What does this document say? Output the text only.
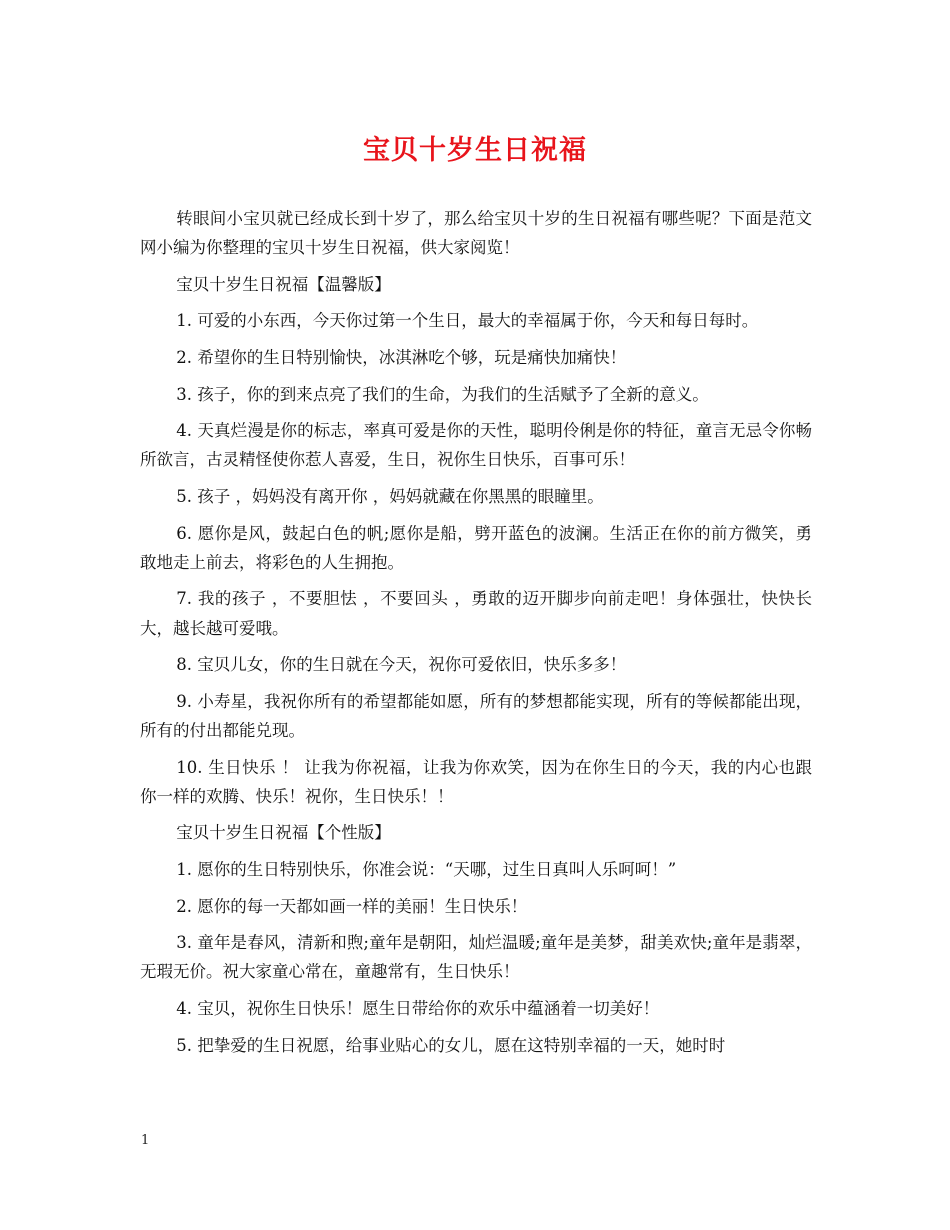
宝贝十岁生日祝福

转眼间小宝贝就已经成长到十岁了，那么给宝贝十岁的生日祝福有哪些呢？下面是范文网小编为你整理的宝贝十岁生日祝福，供大家阅览！

宝贝十岁生日祝福【温馨版】

1. 可爱的小东西，今天你过第一个生日，最大的幸福属于你，今天和每日每时。

2. 希望你的生日特别愉快，冰淇淋吃个够，玩是痛快加痛快！

3. 孩子，你的到来点亮了我们的生命，为我们的生活赋予了全新的意义。

4. 天真烂漫是你的标志，率真可爱是你的天性，聪明伶俐是你的特征，童言无忌令你畅所欲言，古灵精怪使你惹人喜爱，生日，祝你生日快乐，百事可乐！

5. 孩子 ，妈妈没有离开你 ，妈妈就藏在你黑黑的眼瞳里。

6. 愿你是风，鼓起白色的帆;愿你是船，劈开蓝色的波澜。生活正在你的前方微笑，勇敢地走上前去，将彩色的人生拥抱。

7. 我的孩子 ，不要胆怯 ，不要回头 ，勇敢的迈开脚步向前走吧！身体强壮，快快长大，越长越可爱哦。

8. 宝贝儿女，你的生日就在今天，祝你可爱依旧，快乐多多！

9. 小寿星，我祝你所有的希望都能如愿，所有的梦想都能实现，所有的等候都能出现，所有的付出都能兑现。

10. 生日快乐 ！ 让我为你祝福，让我为你欢笑，因为在你生日的今天，我的内心也跟你一样的欢腾、快乐！祝你，生日快乐！！

宝贝十岁生日祝福【个性版】

1. 愿你的生日特别快乐，你准会说：“天哪，过生日真叫人乐呵呵！”

2. 愿你的每一天都如画一样的美丽！生日快乐！

3. 童年是春风，清新和煦;童年是朝阳，灿烂温暖;童年是美梦，甜美欢快;童年是翡翠，无瑕无价。祝大家童心常在，童趣常有，生日快乐！

4. 宝贝，祝你生日快乐！愿生日带给你的欢乐中蕴涵着一切美好！

5. 把挚爱的生日祝愿，给事业贴心的女儿，愿在这特别幸福的一天，她时时

1
